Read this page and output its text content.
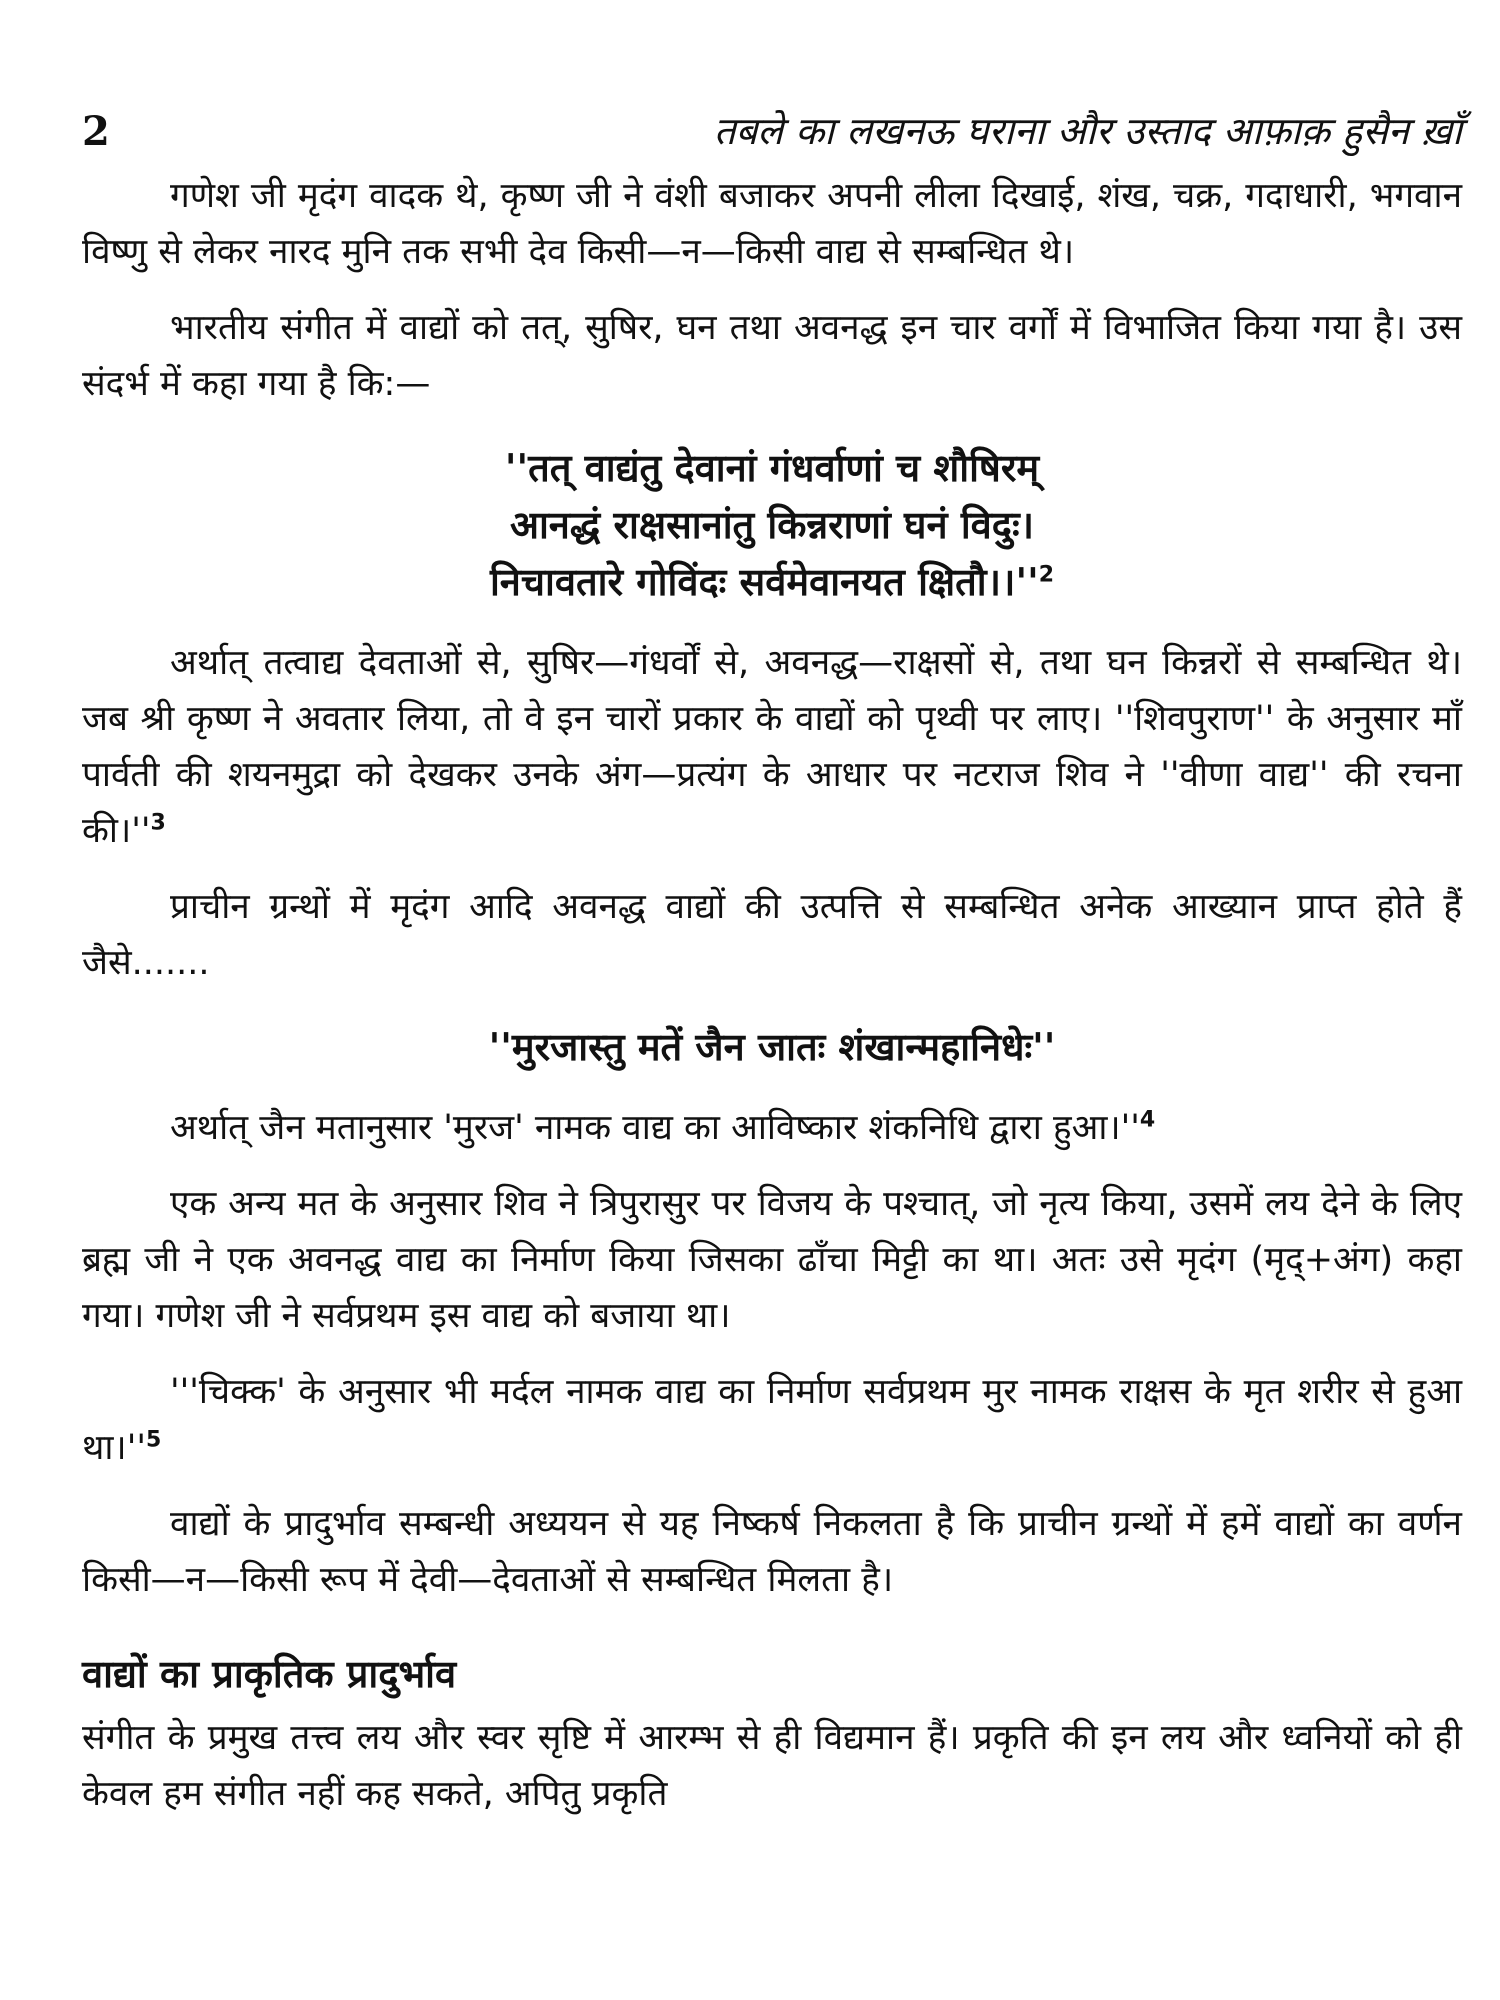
2	तबले का लखनऊ घराना और उस्ताद आफ़ाक़ हुसैन ख़ाँ

गणेश जी मृदंग वादक थे, कृष्ण जी ने वंशी बजाकर अपनी लीला दिखाई, शंख, चक्र, गदाधारी, भगवान विष्णु से लेकर नारद मुनि तक सभी देव किसी—न—किसी वाद्य से सम्बन्धित थे।

भारतीय संगीत में वाद्यों को तत्, सुषिर, घन तथा अवनद्ध इन चार वर्गों में विभाजित किया गया है। उस संदर्भ में कहा गया है कि:—

''तत् वाद्यंतु देवानां गंधर्वाणां च शौषिरम्
आनद्धं राक्षसानांतु किन्नराणां घनं विदुः।
निचावतारे गोविंदः सर्वमेवानयत $क्षितौ।।''^2$

अर्थात् तत्वाद्य देवताओं से, सुषिर—गंधर्वों से, अवनद्ध—राक्षसों से, तथा घन किन्नरों से सम्बन्धित थे। जब श्री कृष्ण ने अवतार लिया, तो वे इन चारों प्रकार के वाद्यों को पृथ्वी पर लाए। ''शिवपुराण'' के अनुसार माँ पार्वती की शयनमुद्रा को देखकर उनके अंग—प्रत्यंग के आधार पर नटराज शिव ने ''वीणा वाद्य'' की रचना $की।''^3$

प्राचीन ग्रन्थों में मृदंग आदि अवनद्ध वाद्यों की उत्पत्ति से सम्बन्धित अनेक आख्यान प्राप्त होते हैं जैसे.......

''मुरजास्तु मतें जैन जातः शंखान्महानिधेः''

अर्थात् जैन मतानुसार 'मुरज' नामक वाद्य का आविष्कार शंकनिधि द्वारा $हुआ।''^4$

एक अन्य मत के अनुसार शिव ने त्रिपुरासुर पर विजय के पश्चात्, जो नृत्य किया, उसमें लय देने के लिए ब्रह्म जी ने एक अवनद्ध वाद्य का निर्माण किया जिसका ढाँचा मिट्टी का था। अतः उसे मृदंग (मृद्+अंग) कहा गया। गणेश जी ने सर्वप्रथम इस वाद्य को बजाया था।

'''चिक्क' के अनुसार भी मर्दल नामक वाद्य का निर्माण सर्वप्रथम मुर नामक राक्षस के मृत शरीर से हुआ $था।''^5$

वाद्यों के प्रादुर्भाव सम्बन्धी अध्ययन से यह निष्कर्ष निकलता है कि प्राचीन ग्रन्थों में हमें वाद्यों का वर्णन किसी—न—किसी रूप में देवी—देवताओं से सम्बन्धित मिलता है।

वाद्यों का प्राकृतिक प्रादुर्भाव

संगीत के प्रमुख तत्त्व लय और स्वर सृष्टि में आरम्भ से ही विद्यमान हैं। प्रकृति की इन लय और ध्वनियों को ही केवल हम संगीत नहीं कह सकते, अपितु प्रकृति
